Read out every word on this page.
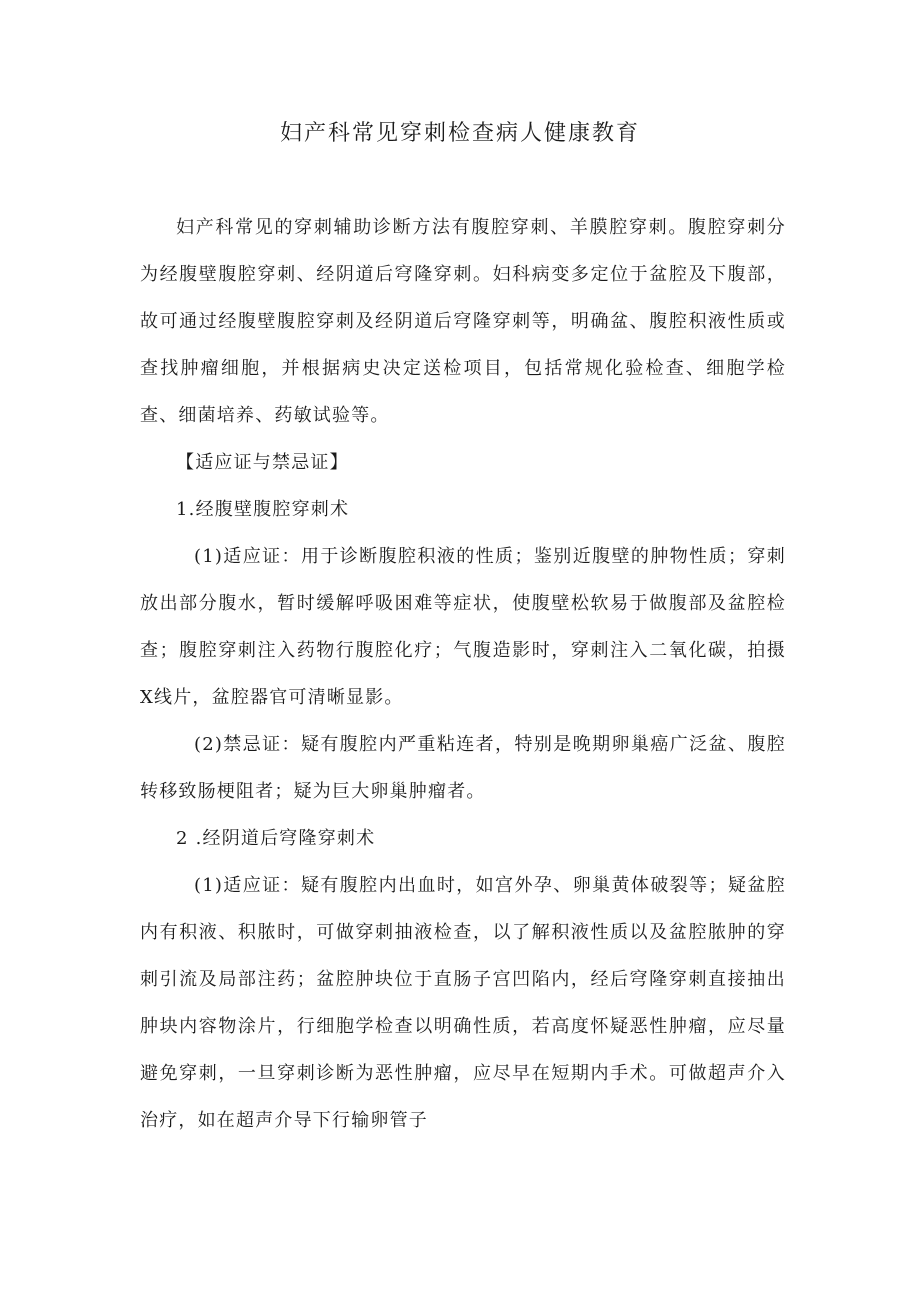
妇产科常见穿刺检查病人健康教育

妇产科常见的穿刺辅助诊断方法有腹腔穿刺、羊膜腔穿刺。腹腔穿刺分为经腹壁腹腔穿刺、经阴道后穹隆穿刺。妇科病变多定位于盆腔及下腹部，故可通过经腹壁腹腔穿刺及经阴道后穹隆穿刺等，明确盆、腹腔积液性质或查找肿瘤细胞，并根据病史决定送检项目，包括常规化验检查、细胞学检查、细菌培养、药敏试验等。

【适应证与禁忌证】

1.经腹壁腹腔穿刺术

(1)适应证：用于诊断腹腔积液的性质；鉴别近腹壁的肿物性质；穿刺放出部分腹水，暂时缓解呼吸困难等症状，使腹壁松软易于做腹部及盆腔检查；腹腔穿刺注入药物行腹腔化疗；气腹造影时，穿刺注入二氧化碳，拍摄X线片，盆腔器官可清晰显影。

(2)禁忌证：疑有腹腔内严重粘连者，特别是晚期卵巢癌广泛盆、腹腔转移致肠梗阻者；疑为巨大卵巢肿瘤者。

2 .经阴道后穹隆穿刺术

(1)适应证：疑有腹腔内出血时，如宫外孕、卵巢黄体破裂等；疑盆腔内有积液、积脓时，可做穿刺抽液检查，以了解积液性质以及盆腔脓肿的穿刺引流及局部注药；盆腔肿块位于直肠子宫凹陷内，经后穹隆穿刺直接抽出肿块内容物涂片，行细胞学检查以明确性质，若高度怀疑恶性肿瘤，应尽量避免穿刺，一旦穿刺诊断为恶性肿瘤，应尽早在短期内手术。可做超声介入治疗，如在超声介导下行输卵管子
